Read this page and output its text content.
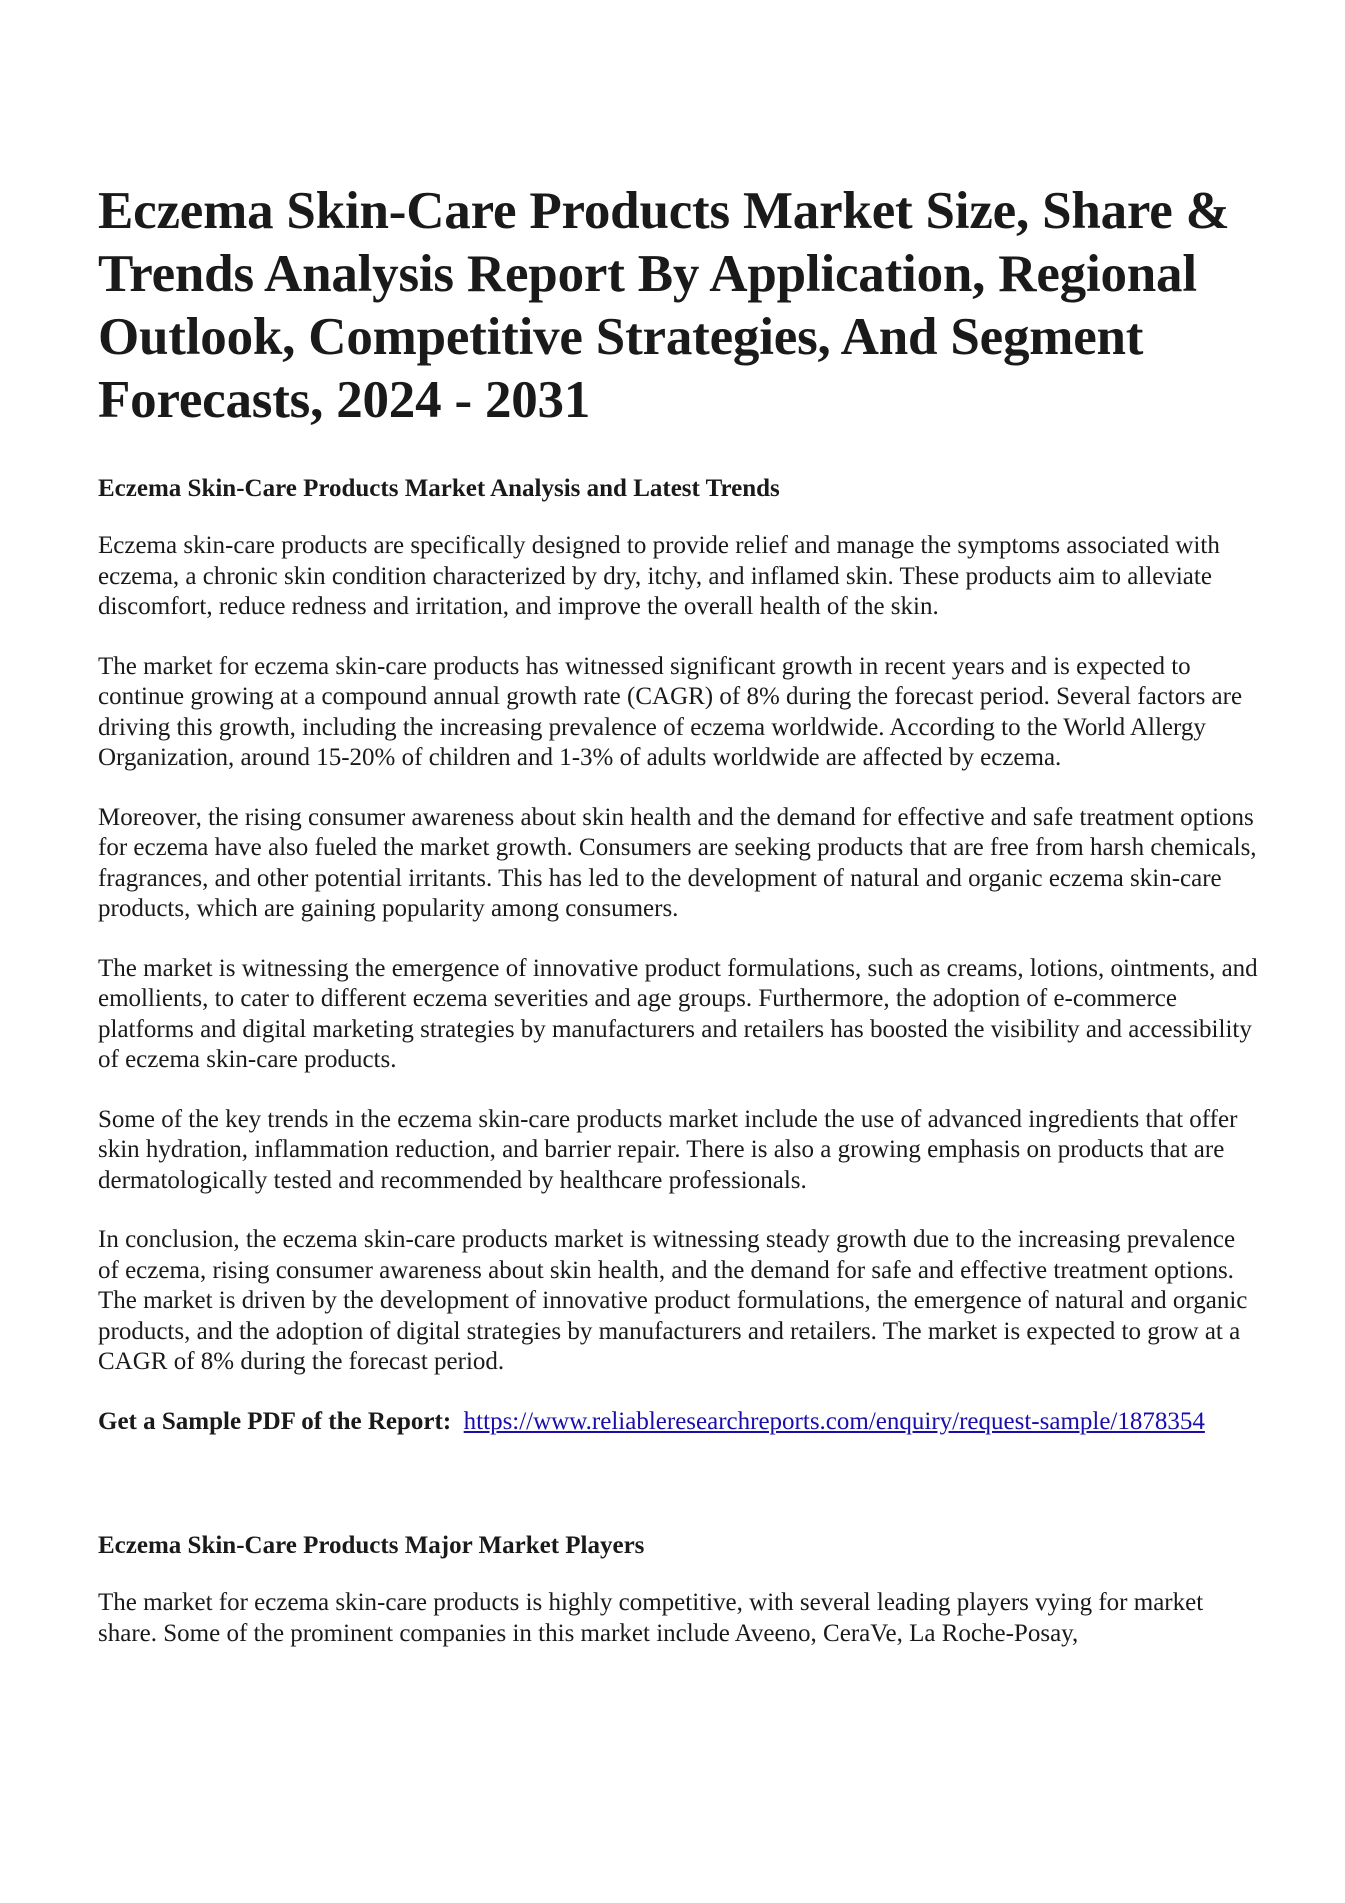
Eczema Skin-Care Products Market Size, Share & Trends Analysis Report By Application, Regional Outlook, Competitive Strategies, And Segment Forecasts, 2024 - 2031
Eczema Skin-Care Products Market Analysis and Latest Trends

Eczema skin-care products are specifically designed to provide relief and manage the symptoms associated with eczema, a chronic skin condition characterized by dry, itchy, and inflamed skin. These products aim to alleviate discomfort, reduce redness and irritation, and improve the overall health of the skin.

The market for eczema skin-care products has witnessed significant growth in recent years and is expected to continue growing at a compound annual growth rate (CAGR) of 8% during the forecast period. Several factors are driving this growth, including the increasing prevalence of eczema worldwide. According to the World Allergy Organization, around 15-20% of children and 1-3% of adults worldwide are affected by eczema.

Moreover, the rising consumer awareness about skin health and the demand for effective and safe treatment options for eczema have also fueled the market growth. Consumers are seeking products that are free from harsh chemicals, fragrances, and other potential irritants. This has led to the development of natural and organic eczema skin-care products, which are gaining popularity among consumers.

The market is witnessing the emergence of innovative product formulations, such as creams, lotions, ointments, and emollients, to cater to different eczema severities and age groups. Furthermore, the adoption of e-commerce platforms and digital marketing strategies by manufacturers and retailers has boosted the visibility and accessibility of eczema skin-care products.

Some of the key trends in the eczema skin-care products market include the use of advanced ingredients that offer skin hydration, inflammation reduction, and barrier repair. There is also a growing emphasis on products that are dermatologically tested and recommended by healthcare professionals.

In conclusion, the eczema skin-care products market is witnessing steady growth due to the increasing prevalence of eczema, rising consumer awareness about skin health, and the demand for safe and effective treatment options. The market is driven by the development of innovative product formulations, the emergence of natural and organic products, and the adoption of digital strategies by manufacturers and retailers. The market is expected to grow at a CAGR of 8% during the forecast period.

Get a Sample PDF of the Report: https://www.reliableresearchreports.com/enquiry/request-sample/1878354

Eczema Skin-Care Products Major Market Players

The market for eczema skin-care products is highly competitive, with several leading players vying for market share. Some of the prominent companies in this market include Aveeno, CeraVe, La Roche-Posay,
